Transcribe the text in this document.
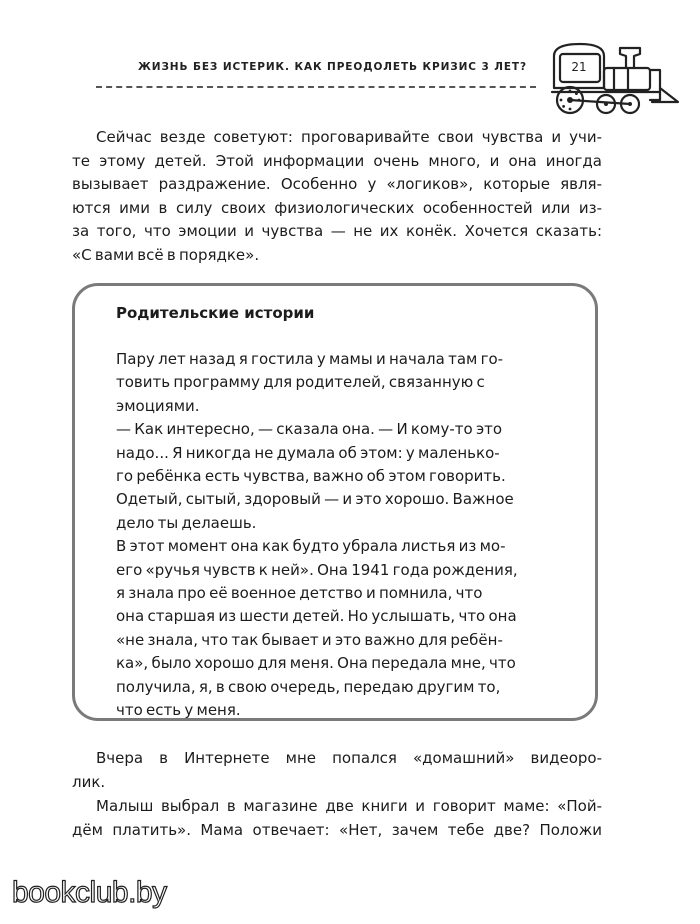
ЖИЗНЬ БЕЗ ИСТЕРИК. КАК ПРЕОДОЛЕТЬ КРИЗИС 3 ЛЕТ?	21
Сейчас везде советуют: проговаривайте свои чувства и учи-
те этому детей. Этой информации очень много, и она иногда
вызывает раздражение. Особенно у «логиков», которые явля-
ются ими в силу своих физиологических особенностей или из-
за того, что эмоции и чувства — не их конёк. Хочется сказать:
«С вами всё в порядке».
Родительские истории
Пару лет назад я гостила у мамы и начала там го-
товить программу для родителей, связанную с
эмоциями.
— Как интересно, — сказала она. — И кому-то это
надо... Я никогда не думала об этом: у маленько-
го ребёнка есть чувства, важно об этом говорить.
Одетый, сытый, здоровый — и это хорошо. Важное
дело ты делаешь.
В этот момент она как будто убрала листья из мо-
его «ручья чувств к ней». Она 1941 года рождения,
я знала про её военное детство и помнила, что
она старшая из шести детей. Но услышать, что она
«не знала, что так бывает и это важно для ребён-
ка», было хорошо для меня. Она передала мне, что
получила, я, в свою очередь, передаю другим то,
что есть у меня.
Вчера в Интернете мне попался «домашний» видеоро-
лик.
Малыш выбрал в магазине две книги и говорит маме: «Пой-
дём платить». Мама отвечает: «Нет, зачем тебе две? Положи
bookclub.by
